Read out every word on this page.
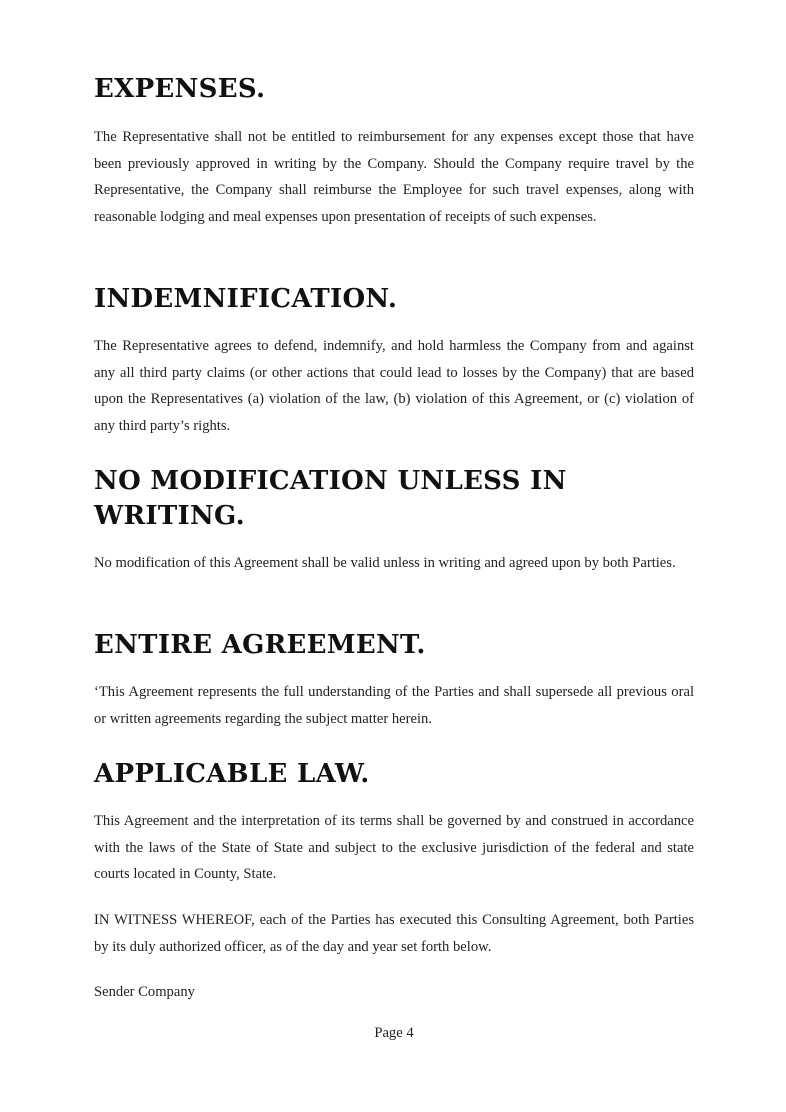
EXPENSES.

The Representative shall not be entitled to reimbursement for any expenses except those that have been previously approved in writing by the Company. Should the Company require travel by the Representative, the Company shall reimburse the Employee for such travel expenses, along with reasonable lodging and meal expenses upon presentation of receipts of such expenses.

INDEMNIFICATION.

The Representative agrees to defend, indemnify, and hold harmless the Company from and against any all third party claims (or other actions that could lead to losses by the Company) that are based upon the Representatives (a) violation of the law, (b) violation of this Agreement, or (c) violation of any third party’s rights.

NO MODIFICATION UNLESS IN WRITING.

No modification of this Agreement shall be valid unless in writing and agreed upon by both Parties.

ENTIRE AGREEMENT.

‘This Agreement represents the full understanding of the Parties and shall supersede all previous oral or written agreements regarding the subject matter herein.

APPLICABLE LAW.

This Agreement and the interpretation of its terms shall be governed by and construed in accordance with the laws of the State of State and subject to the exclusive jurisdiction of the federal and state courts located in County, State.

IN WITNESS WHEREOF, each of the Parties has executed this Consulting Agreement, both Parties by its duly authorized officer, as of the day and year set forth below.

Sender Company

Page 4
